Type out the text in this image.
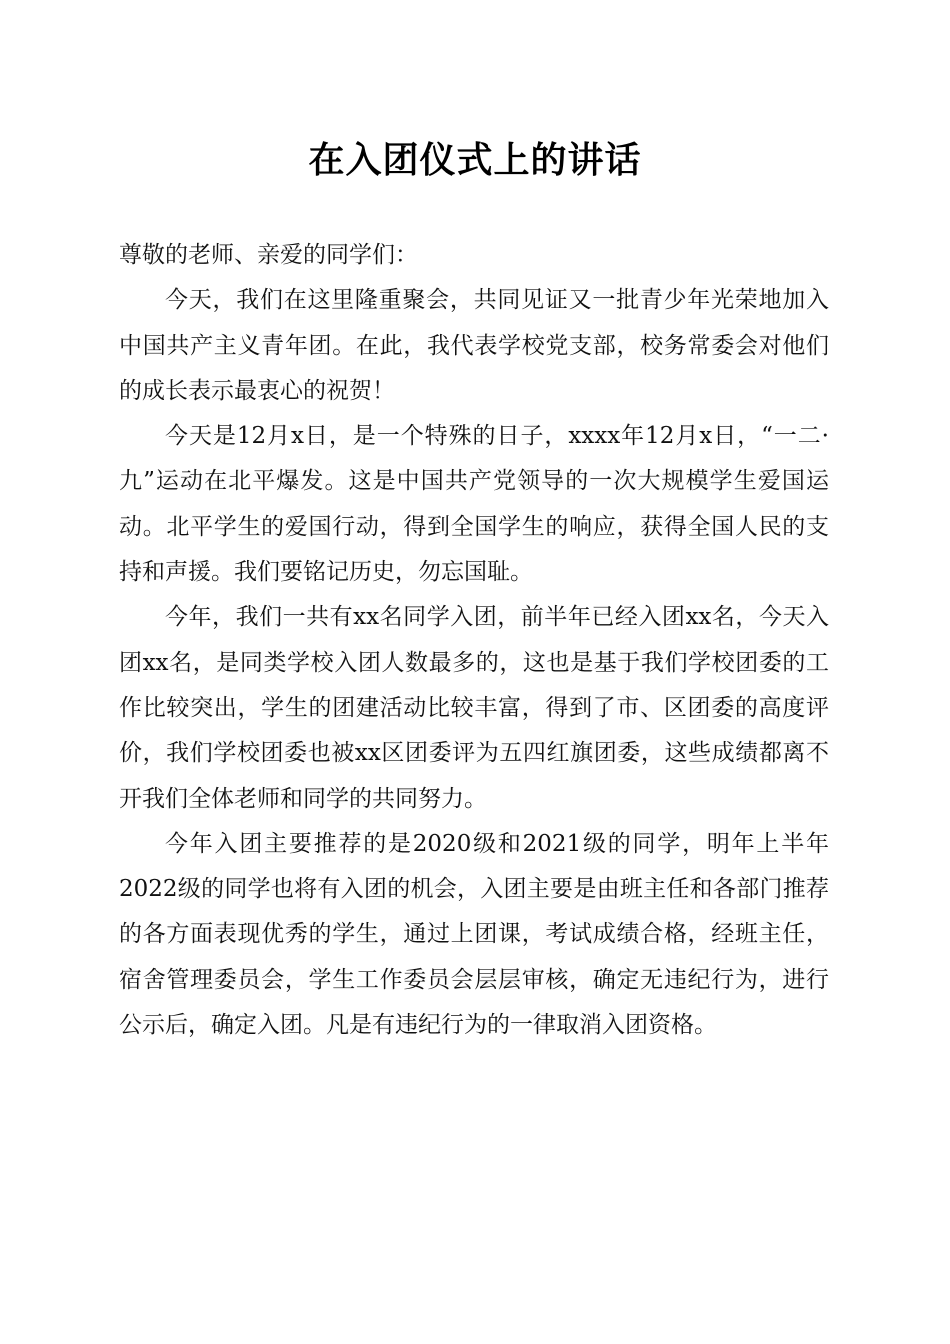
在入团仪式上的讲话

尊敬的老师、亲爱的同学们：

今天，我们在这里隆重聚会，共同见证又一批青少年光荣地加入中国共产主义青年团。在此，我代表学校党支部，校务常委会对他们的成长表示最衷心的祝贺！

今天是12月x日，是一个特殊的日子，xxxx年12月x日，“一二·九”运动在北平爆发。这是中国共产党领导的一次大规模学生爱国运动。北平学生的爱国行动，得到全国学生的响应，获得全国人民的支持和声援。我们要铭记历史，勿忘国耻。

今年，我们一共有xx名同学入团，前半年已经入团xx名，今天入团xx名，是同类学校入团人数最多的，这也是基于我们学校团委的工作比较突出，学生的团建活动比较丰富，得到了市、区团委的高度评价，我们学校团委也被xx区团委评为五四红旗团委，这些成绩都离不开我们全体老师和同学的共同努力。

今年入团主要推荐的是2020级和2021级的同学，明年上半年2022级的同学也将有入团的机会，入团主要是由班主任和各部门推荐的各方面表现优秀的学生，通过上团课，考试成绩合格，经班主任，宿舍管理委员会，学生工作委员会层层审核，确定无违纪行为，进行公示后，确定入团。凡是有违纪行为的一律取消入团资格。
